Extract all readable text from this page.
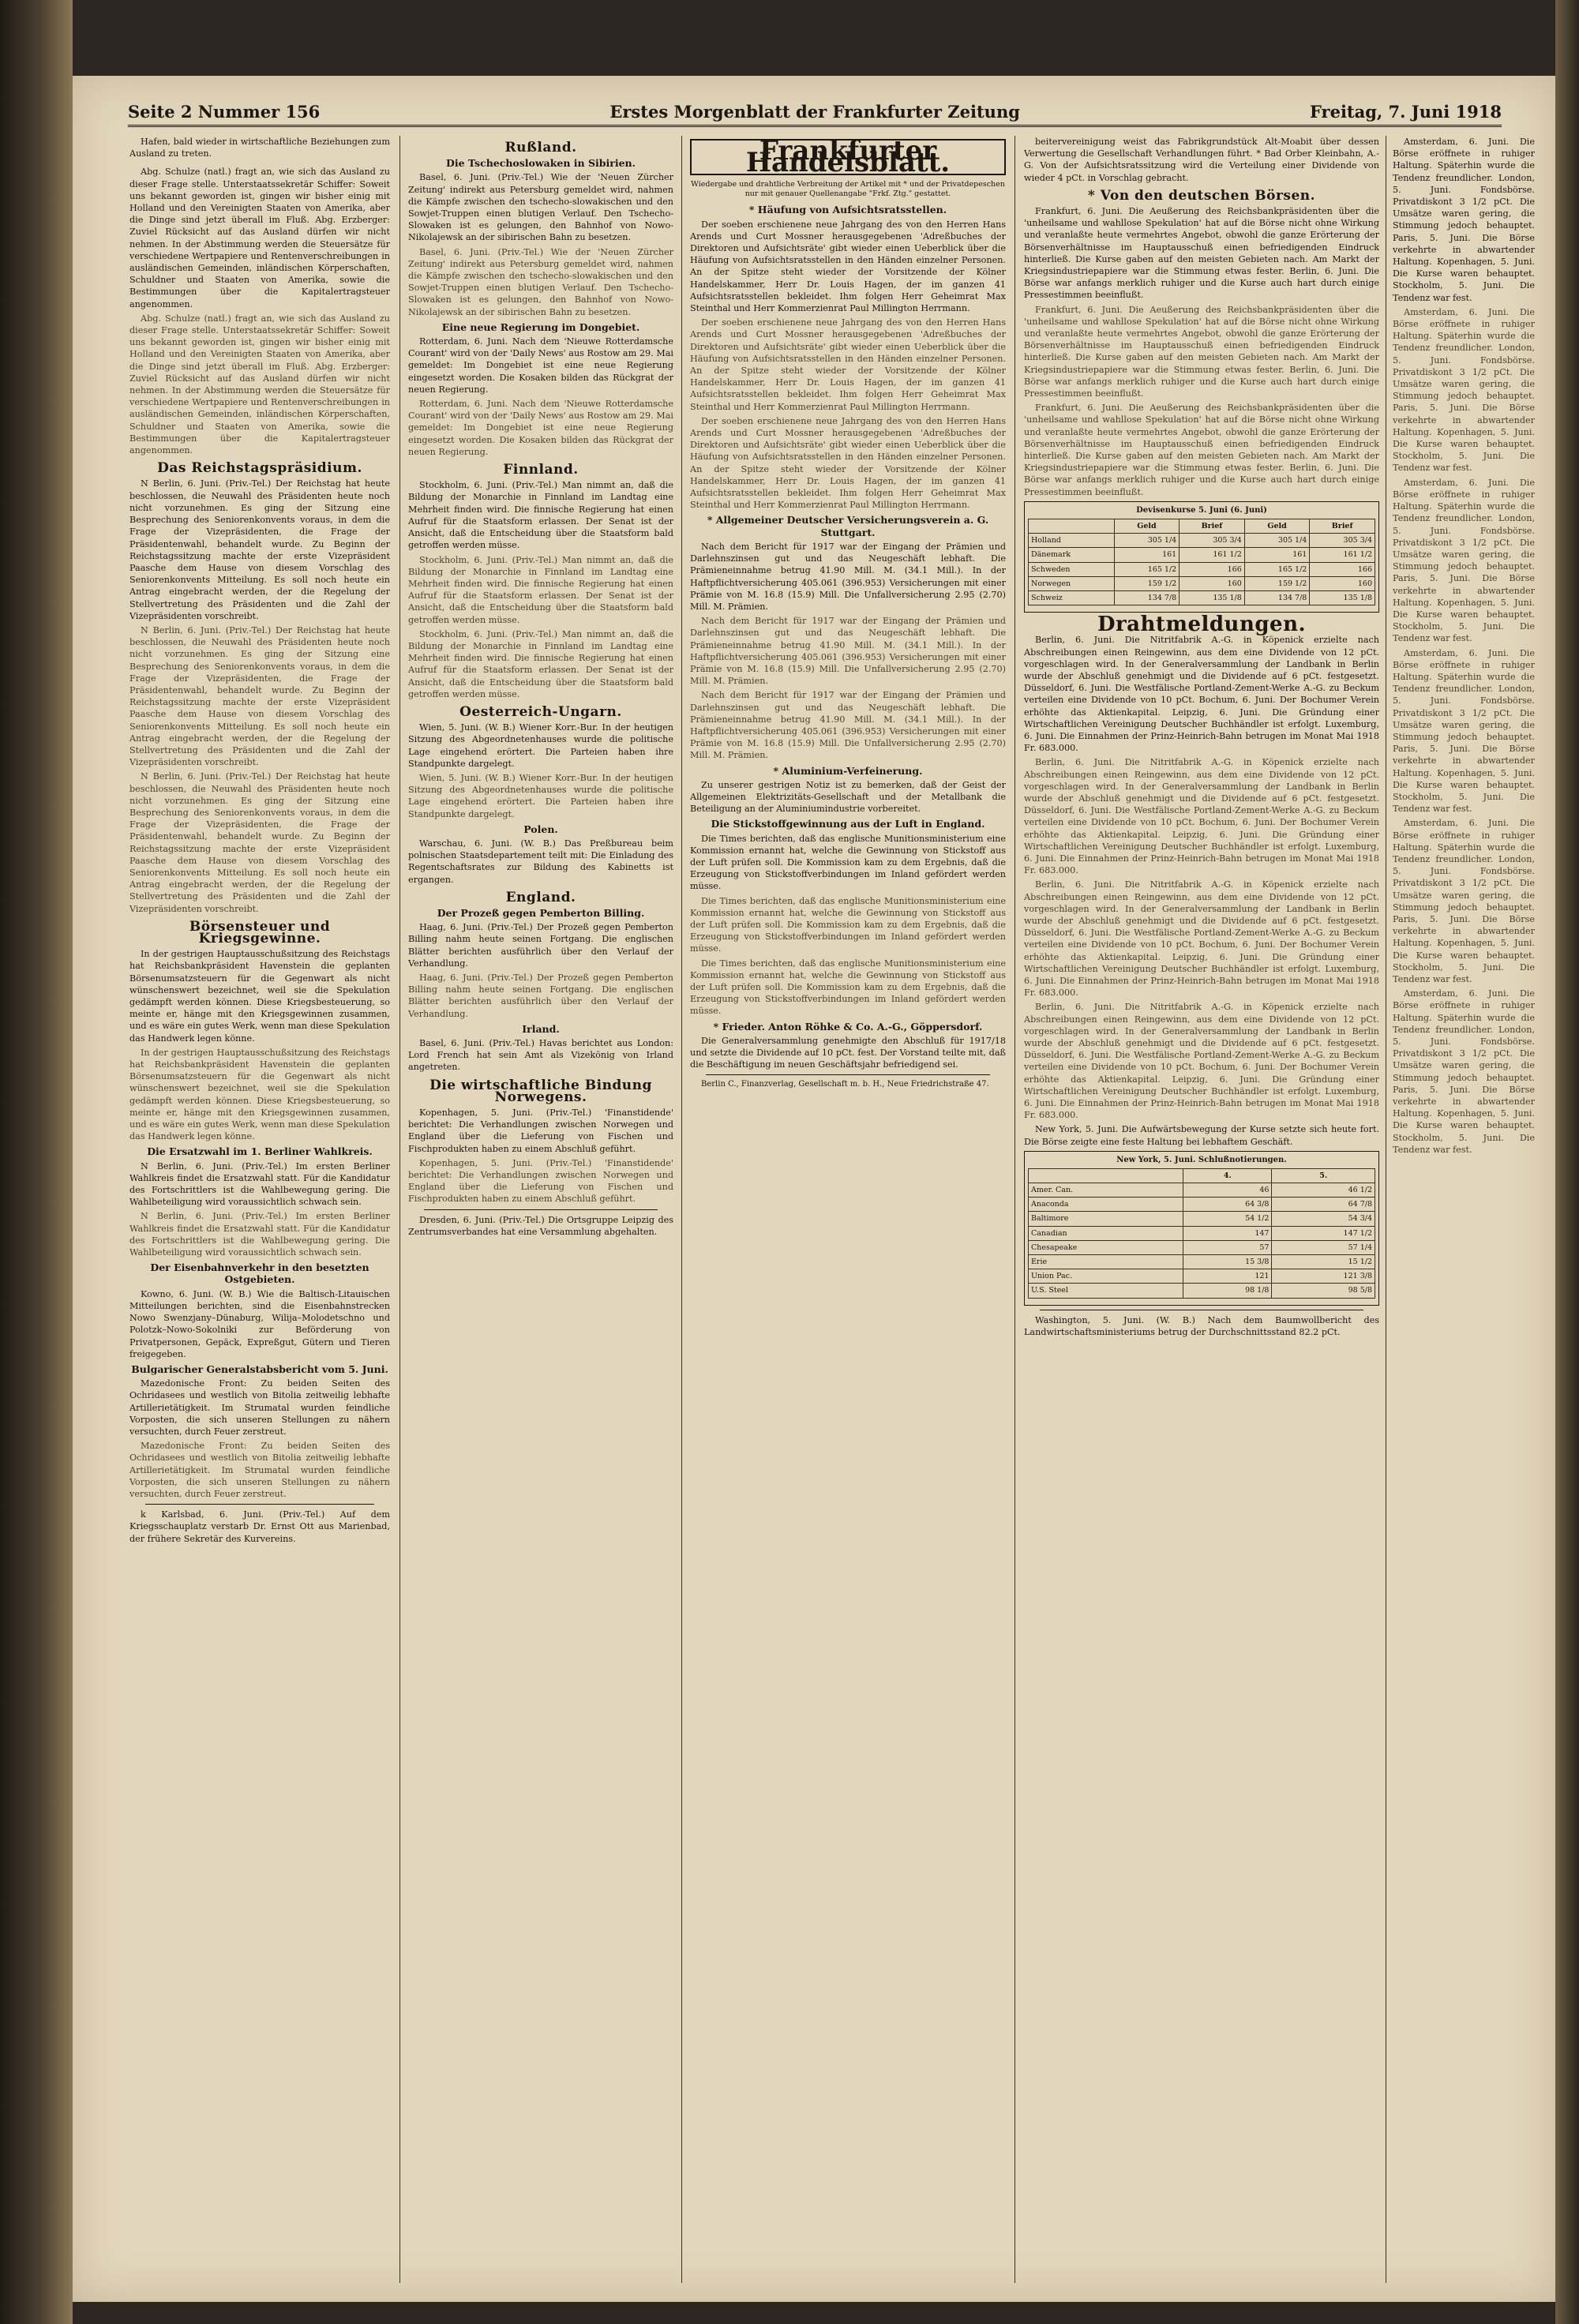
Seite 2 Nummer 156	Erstes Morgenblatt der Frankfurter Zeitung	Freitag, 7. Juni 1918

Hafen, bald wieder in wirtschaftliche Beziehungen zum Ausland zu treten.

Abg. Schulze (natl.) fragt an, wie sich das Ausland zu dieser Frage stelle. Unterstaatssekretär Schiffer: Soweit uns bekannt geworden ist, gingen wir bisher einig mit Holland und den Vereinigten Staaten von Amerika, aber die Dinge sind jetzt überall im Fluß. Abg. Erzberger: Zuviel Rücksicht auf das Ausland dürfen wir nicht nehmen. In der Abstimmung werden die Steuersätze für verschiedene Wertpapiere und Rentenverschreibungen in ausländischen Gemeinden, inländischen Körperschaften, Schuldner und Staaten von Amerika, sowie die Bestimmungen über die Kapitalertragsteuer angenommen.

Abg. Schulze (natl.) fragt an, wie sich das Ausland zu dieser Frage stelle. Unterstaatssekretär Schiffer: Soweit uns bekannt geworden ist, gingen wir bisher einig mit Holland und den Vereinigten Staaten von Amerika, aber die Dinge sind jetzt überall im Fluß. Abg. Erzberger: Zuviel Rücksicht auf das Ausland dürfen wir nicht nehmen. In der Abstimmung werden die Steuersätze für verschiedene Wertpapiere und Rentenverschreibungen in ausländischen Gemeinden, inländischen Körperschaften, Schuldner und Staaten von Amerika, sowie die Bestimmungen über die Kapitalertragsteuer angenommen.

Das Reichstagspräsidium.

N Berlin, 6. Juni. (Priv.-Tel.) Der Reichstag hat heute beschlossen, die Neuwahl des Präsidenten heute noch nicht vorzunehmen. Es ging der Sitzung eine Besprechung des Seniorenkonvents voraus, in dem die Frage der Vizepräsidenten, die Frage der Präsidentenwahl, behandelt wurde. Zu Beginn der Reichstagssitzung machte der erste Vizepräsident Paasche dem Hause von diesem Vorschlag des Seniorenkonvents Mitteilung. Es soll noch heute ein Antrag eingebracht werden, der die Regelung der Stellvertretung des Präsidenten und die Zahl der Vizepräsidenten vorschreibt.

N Berlin, 6. Juni. (Priv.-Tel.) Der Reichstag hat heute beschlossen, die Neuwahl des Präsidenten heute noch nicht vorzunehmen. Es ging der Sitzung eine Besprechung des Seniorenkonvents voraus, in dem die Frage der Vizepräsidenten, die Frage der Präsidentenwahl, behandelt wurde. Zu Beginn der Reichstagssitzung machte der erste Vizepräsident Paasche dem Hause von diesem Vorschlag des Seniorenkonvents Mitteilung. Es soll noch heute ein Antrag eingebracht werden, der die Regelung der Stellvertretung des Präsidenten und die Zahl der Vizepräsidenten vorschreibt.

N Berlin, 6. Juni. (Priv.-Tel.) Der Reichstag hat heute beschlossen, die Neuwahl des Präsidenten heute noch nicht vorzunehmen. Es ging der Sitzung eine Besprechung des Seniorenkonvents voraus, in dem die Frage der Vizepräsidenten, die Frage der Präsidentenwahl, behandelt wurde. Zu Beginn der Reichstagssitzung machte der erste Vizepräsident Paasche dem Hause von diesem Vorschlag des Seniorenkonvents Mitteilung. Es soll noch heute ein Antrag eingebracht werden, der die Regelung der Stellvertretung des Präsidenten und die Zahl der Vizepräsidenten vorschreibt.

Börsensteuer und Kriegsgewinne.

In der gestrigen Hauptausschußsitzung des Reichstags hat Reichsbankpräsident Havenstein die geplanten Börsenumsatzsteuern für die Gegenwart als nicht wünschenswert bezeichnet, weil sie die Spekulation gedämpft werden können. Diese Kriegsbesteuerung, so meinte er, hänge mit den Kriegsgewinnen zusammen, und es wäre ein gutes Werk, wenn man diese Spekulation das Handwerk legen könne.

In der gestrigen Hauptausschußsitzung des Reichstags hat Reichsbankpräsident Havenstein die geplanten Börsenumsatzsteuern für die Gegenwart als nicht wünschenswert bezeichnet, weil sie die Spekulation gedämpft werden können. Diese Kriegsbesteuerung, so meinte er, hänge mit den Kriegsgewinnen zusammen, und es wäre ein gutes Werk, wenn man diese Spekulation das Handwerk legen könne.

Die Ersatzwahl im 1. Berliner Wahlkreis.

N Berlin, 6. Juni. (Priv.-Tel.) Im ersten Berliner Wahlkreis findet die Ersatzwahl statt. Für die Kandidatur des Fortschrittlers ist die Wahlbewegung gering. Die Wahlbeteiligung wird voraussichtlich schwach sein.

N Berlin, 6. Juni. (Priv.-Tel.) Im ersten Berliner Wahlkreis findet die Ersatzwahl statt. Für die Kandidatur des Fortschrittlers ist die Wahlbewegung gering. Die Wahlbeteiligung wird voraussichtlich schwach sein.

Der Eisenbahnverkehr in den besetzten Ostgebieten.

Kowno, 6. Juni. (W. B.) Wie die Baltisch-Litauischen Mitteilungen berichten, sind die Eisenbahnstrecken Nowo Swenzjany–Dünaburg, Wilija–Molodetschno und Polotzk–Nowo-Sokolniki zur Beförderung von Privatpersonen, Gepäck, Expreßgut, Gütern und Tieren freigegeben.

Bulgarischer Generalstabsbericht vom 5. Juni.

Mazedonische Front: Zu beiden Seiten des Ochridasees und westlich von Bitolia zeitweilig lebhafte Artillerietätigkeit. Im Strumatal wurden feindliche Vorposten, die sich unseren Stellungen zu nähern versuchten, durch Feuer zerstreut.

Mazedonische Front: Zu beiden Seiten des Ochridasees und westlich von Bitolia zeitweilig lebhafte Artillerietätigkeit. Im Strumatal wurden feindliche Vorposten, die sich unseren Stellungen zu nähern versuchten, durch Feuer zerstreut.

k Karlsbad, 6. Juni. (Priv.-Tel.) Auf dem Kriegsschauplatz verstarb Dr. Ernst Ott aus Marienbad, der frühere Sekretär des Kurvereins.

Rußland.
Die Tschechoslowaken in Sibirien.

Basel, 6. Juni. (Priv.-Tel.) Wie der 'Neuen Zürcher Zeitung' indirekt aus Petersburg gemeldet wird, nahmen die Kämpfe zwischen den tschecho-slowakischen und den Sowjet-Truppen einen blutigen Verlauf. Den Tschecho-Slowaken ist es gelungen, den Bahnhof von Nowo-Nikolajewsk an der sibirischen Bahn zu besetzen.

Basel, 6. Juni. (Priv.-Tel.) Wie der 'Neuen Zürcher Zeitung' indirekt aus Petersburg gemeldet wird, nahmen die Kämpfe zwischen den tschecho-slowakischen und den Sowjet-Truppen einen blutigen Verlauf. Den Tschecho-Slowaken ist es gelungen, den Bahnhof von Nowo-Nikolajewsk an der sibirischen Bahn zu besetzen.

Eine neue Regierung im Dongebiet.

Rotterdam, 6. Juni. Nach dem 'Nieuwe Rotterdamsche Courant' wird von der 'Daily News' aus Rostow am 29. Mai gemeldet: Im Dongebiet ist eine neue Regierung eingesetzt worden. Die Kosaken bilden das Rückgrat der neuen Regierung.

Rotterdam, 6. Juni. Nach dem 'Nieuwe Rotterdamsche Courant' wird von der 'Daily News' aus Rostow am 29. Mai gemeldet: Im Dongebiet ist eine neue Regierung eingesetzt worden. Die Kosaken bilden das Rückgrat der neuen Regierung.

Finnland.

Stockholm, 6. Juni. (Priv.-Tel.) Man nimmt an, daß die Bildung der Monarchie in Finnland im Landtag eine Mehrheit finden wird. Die finnische Regierung hat einen Aufruf für die Staatsform erlassen. Der Senat ist der Ansicht, daß die Entscheidung über die Staatsform bald getroffen werden müsse.

Stockholm, 6. Juni. (Priv.-Tel.) Man nimmt an, daß die Bildung der Monarchie in Finnland im Landtag eine Mehrheit finden wird. Die finnische Regierung hat einen Aufruf für die Staatsform erlassen. Der Senat ist der Ansicht, daß die Entscheidung über die Staatsform bald getroffen werden müsse.

Stockholm, 6. Juni. (Priv.-Tel.) Man nimmt an, daß die Bildung der Monarchie in Finnland im Landtag eine Mehrheit finden wird. Die finnische Regierung hat einen Aufruf für die Staatsform erlassen. Der Senat ist der Ansicht, daß die Entscheidung über die Staatsform bald getroffen werden müsse.

Oesterreich-Ungarn.

Wien, 5. Juni. (W. B.) Wiener Korr.-Bur. In der heutigen Sitzung des Abgeordnetenhauses wurde die politische Lage eingehend erörtert. Die Parteien haben ihre Standpunkte dargelegt.

Wien, 5. Juni. (W. B.) Wiener Korr.-Bur. In der heutigen Sitzung des Abgeordnetenhauses wurde die politische Lage eingehend erörtert. Die Parteien haben ihre Standpunkte dargelegt.

Polen.

Warschau, 6. Juni. (W. B.) Das Preßbureau beim polnischen Staatsdepartement teilt mit: Die Einladung des Regentschaftsrates zur Bildung des Kabinetts ist ergangen.

England.
Der Prozeß gegen Pemberton Billing.

Haag, 6. Juni. (Priv.-Tel.) Der Prozeß gegen Pemberton Billing nahm heute seinen Fortgang. Die englischen Blätter berichten ausführlich über den Verlauf der Verhandlung.

Haag, 6. Juni. (Priv.-Tel.) Der Prozeß gegen Pemberton Billing nahm heute seinen Fortgang. Die englischen Blätter berichten ausführlich über den Verlauf der Verhandlung.

Irland.

Basel, 6. Juni. (Priv.-Tel.) Havas berichtet aus London: Lord French hat sein Amt als Vizekönig von Irland angetreten.

Die wirtschaftliche Bindung Norwegens.

Kopenhagen, 5. Juni. (Priv.-Tel.) 'Finanstidende' berichtet: Die Verhandlungen zwischen Norwegen und England über die Lieferung von Fischen und Fischprodukten haben zu einem Abschluß geführt.

Kopenhagen, 5. Juni. (Priv.-Tel.) 'Finanstidende' berichtet: Die Verhandlungen zwischen Norwegen und England über die Lieferung von Fischen und Fischprodukten haben zu einem Abschluß geführt.

Dresden, 6. Juni. (Priv.-Tel.) Die Ortsgruppe Leipzig des Zentrumsverbandes hat eine Versammlung abgehalten.

Frankfurter Handelsblatt.
Wiedergabe und drahtliche Verbreitung der Artikel mit * und der Privatdepeschen nur mit genauer Quellenangabe "Frkf. Ztg." gestattet.
* Häufung von Aufsichtsratsstellen.

Der soeben erschienene neue Jahrgang des von den Herren Hans Arends und Curt Mossner herausgegebenen 'Adreßbuches der Direktoren und Aufsichtsräte' gibt wieder einen Ueberblick über die Häufung von Aufsichtsratsstellen in den Händen einzelner Personen. An der Spitze steht wieder der Vorsitzende der Kölner Handelskammer, Herr Dr. Louis Hagen, der im ganzen 41 Aufsichtsratsstellen bekleidet. Ihm folgen Herr Geheimrat Max Steinthal und Herr Kommerzienrat Paul Millington Herrmann.

Der soeben erschienene neue Jahrgang des von den Herren Hans Arends und Curt Mossner herausgegebenen 'Adreßbuches der Direktoren und Aufsichtsräte' gibt wieder einen Ueberblick über die Häufung von Aufsichtsratsstellen in den Händen einzelner Personen. An der Spitze steht wieder der Vorsitzende der Kölner Handelskammer, Herr Dr. Louis Hagen, der im ganzen 41 Aufsichtsratsstellen bekleidet. Ihm folgen Herr Geheimrat Max Steinthal und Herr Kommerzienrat Paul Millington Herrmann.

Der soeben erschienene neue Jahrgang des von den Herren Hans Arends und Curt Mossner herausgegebenen 'Adreßbuches der Direktoren und Aufsichtsräte' gibt wieder einen Ueberblick über die Häufung von Aufsichtsratsstellen in den Händen einzelner Personen. An der Spitze steht wieder der Vorsitzende der Kölner Handelskammer, Herr Dr. Louis Hagen, der im ganzen 41 Aufsichtsratsstellen bekleidet. Ihm folgen Herr Geheimrat Max Steinthal und Herr Kommerzienrat Paul Millington Herrmann.

* Allgemeiner Deutscher Versicherungsverein a. G. Stuttgart.

Nach dem Bericht für 1917 war der Eingang der Prämien und Darlehnszinsen gut und das Neugeschäft lebhaft. Die Prämieneinnahme betrug 41.90 Mill. M. (34.1 Mill.). In der Haftpflichtversicherung 405.061 (396.953) Versicherungen mit einer Prämie von M. 16.8 (15.9) Mill. Die Unfallversicherung 2.95 (2.70) Mill. M. Prämien.

Nach dem Bericht für 1917 war der Eingang der Prämien und Darlehnszinsen gut und das Neugeschäft lebhaft. Die Prämieneinnahme betrug 41.90 Mill. M. (34.1 Mill.). In der Haftpflichtversicherung 405.061 (396.953) Versicherungen mit einer Prämie von M. 16.8 (15.9) Mill. Die Unfallversicherung 2.95 (2.70) Mill. M. Prämien.

Nach dem Bericht für 1917 war der Eingang der Prämien und Darlehnszinsen gut und das Neugeschäft lebhaft. Die Prämieneinnahme betrug 41.90 Mill. M. (34.1 Mill.). In der Haftpflichtversicherung 405.061 (396.953) Versicherungen mit einer Prämie von M. 16.8 (15.9) Mill. Die Unfallversicherung 2.95 (2.70) Mill. M. Prämien.

* Aluminium-Verfeinerung.

Zu unserer gestrigen Notiz ist zu bemerken, daß der Geist der Allgemeinen Elektrizitäts-Gesellschaft und der Metallbank die Beteiligung an der Aluminiumindustrie vorbereitet.

Die Stickstoffgewinnung aus der Luft in England.

Die Times berichten, daß das englische Munitionsministerium eine Kommission ernannt hat, welche die Gewinnung von Stickstoff aus der Luft prüfen soll. Die Kommission kam zu dem Ergebnis, daß die Erzeugung von Stickstoffverbindungen im Inland gefördert werden müsse.

Die Times berichten, daß das englische Munitionsministerium eine Kommission ernannt hat, welche die Gewinnung von Stickstoff aus der Luft prüfen soll. Die Kommission kam zu dem Ergebnis, daß die Erzeugung von Stickstoffverbindungen im Inland gefördert werden müsse.

Die Times berichten, daß das englische Munitionsministerium eine Kommission ernannt hat, welche die Gewinnung von Stickstoff aus der Luft prüfen soll. Die Kommission kam zu dem Ergebnis, daß die Erzeugung von Stickstoffverbindungen im Inland gefördert werden müsse.

* Frieder. Anton Röhke & Co. A.-G., Göppersdorf.

Die Generalversammlung genehmigte den Abschluß für 1917/18 und setzte die Dividende auf 10 pCt. fest. Der Vorstand teilte mit, daß die Beschäftigung im neuen Geschäftsjahr befriedigend sei.

Berlin C., Finanzverlag, Gesellschaft m. b. H., Neue Friedrichstraße 47.

beitervereinigung weist das Fabrikgrundstück Alt-Moabit über dessen Verwertung die Gesellschaft Verhandlungen führt. * Bad Orber Kleinbahn, A.-G. Von der Aufsichtsratssitzung wird die Verteilung einer Dividende von wieder 4 pCt. in Vorschlag gebracht.

* Von den deutschen Börsen.

Frankfurt, 6. Juni. Die Aeußerung des Reichsbankpräsidenten über die 'unheilsame und wahllose Spekulation' hat auf die Börse nicht ohne Wirkung und veranlaßte heute vermehrtes Angebot, obwohl die ganze Erörterung der Börsenverhältnisse im Hauptausschuß einen befriedigenden Eindruck hinterließ. Die Kurse gaben auf den meisten Gebieten nach. Am Markt der Kriegsindustriepapiere war die Stimmung etwas fester. Berlin, 6. Juni. Die Börse war anfangs merklich ruhiger und die Kurse auch hart durch einige Pressestimmen beeinflußt.

Frankfurt, 6. Juni. Die Aeußerung des Reichsbankpräsidenten über die 'unheilsame und wahllose Spekulation' hat auf die Börse nicht ohne Wirkung und veranlaßte heute vermehrtes Angebot, obwohl die ganze Erörterung der Börsenverhältnisse im Hauptausschuß einen befriedigenden Eindruck hinterließ. Die Kurse gaben auf den meisten Gebieten nach. Am Markt der Kriegsindustriepapiere war die Stimmung etwas fester. Berlin, 6. Juni. Die Börse war anfangs merklich ruhiger und die Kurse auch hart durch einige Pressestimmen beeinflußt.

Frankfurt, 6. Juni. Die Aeußerung des Reichsbankpräsidenten über die 'unheilsame und wahllose Spekulation' hat auf die Börse nicht ohne Wirkung und veranlaßte heute vermehrtes Angebot, obwohl die ganze Erörterung der Börsenverhältnisse im Hauptausschuß einen befriedigenden Eindruck hinterließ. Die Kurse gaben auf den meisten Gebieten nach. Am Markt der Kriegsindustriepapiere war die Stimmung etwas fester. Berlin, 6. Juni. Die Börse war anfangs merklich ruhiger und die Kurse auch hart durch einige Pressestimmen beeinflußt.

Devisenkurse 5. Juni (6. Juni)
	Geld	Brief	Geld	Brief
Holland	305 1/4	305 3/4	305 1/4	305 3/4
Dänemark	161	161 1/2	161	161 1/2
Schweden	165 1/2	166	165 1/2	166
Norwegen	159 1/2	160	159 1/2	160
Schweiz	134 7/8	135 1/8	134 7/8	135 1/8
Drahtmeldungen.

Berlin, 6. Juni. Die Nitritfabrik A.-G. in Köpenick erzielte nach Abschreibungen einen Reingewinn, aus dem eine Dividende von 12 pCt. vorgeschlagen wird. In der Generalversammlung der Landbank in Berlin wurde der Abschluß genehmigt und die Dividende auf 6 pCt. festgesetzt. Düsseldorf, 6. Juni. Die Westfälische Portland-Zement-Werke A.-G. zu Beckum verteilen eine Dividende von 10 pCt. Bochum, 6. Juni. Der Bochumer Verein erhöhte das Aktienkapital. Leipzig, 6. Juni. Die Gründung einer Wirtschaftlichen Vereinigung Deutscher Buchhändler ist erfolgt. Luxemburg, 6. Juni. Die Einnahmen der Prinz-Heinrich-Bahn betrugen im Monat Mai 1918 Fr. 683.000.

Berlin, 6. Juni. Die Nitritfabrik A.-G. in Köpenick erzielte nach Abschreibungen einen Reingewinn, aus dem eine Dividende von 12 pCt. vorgeschlagen wird. In der Generalversammlung der Landbank in Berlin wurde der Abschluß genehmigt und die Dividende auf 6 pCt. festgesetzt. Düsseldorf, 6. Juni. Die Westfälische Portland-Zement-Werke A.-G. zu Beckum verteilen eine Dividende von 10 pCt. Bochum, 6. Juni. Der Bochumer Verein erhöhte das Aktienkapital. Leipzig, 6. Juni. Die Gründung einer Wirtschaftlichen Vereinigung Deutscher Buchhändler ist erfolgt. Luxemburg, 6. Juni. Die Einnahmen der Prinz-Heinrich-Bahn betrugen im Monat Mai 1918 Fr. 683.000.

Berlin, 6. Juni. Die Nitritfabrik A.-G. in Köpenick erzielte nach Abschreibungen einen Reingewinn, aus dem eine Dividende von 12 pCt. vorgeschlagen wird. In der Generalversammlung der Landbank in Berlin wurde der Abschluß genehmigt und die Dividende auf 6 pCt. festgesetzt. Düsseldorf, 6. Juni. Die Westfälische Portland-Zement-Werke A.-G. zu Beckum verteilen eine Dividende von 10 pCt. Bochum, 6. Juni. Der Bochumer Verein erhöhte das Aktienkapital. Leipzig, 6. Juni. Die Gründung einer Wirtschaftlichen Vereinigung Deutscher Buchhändler ist erfolgt. Luxemburg, 6. Juni. Die Einnahmen der Prinz-Heinrich-Bahn betrugen im Monat Mai 1918 Fr. 683.000.

Berlin, 6. Juni. Die Nitritfabrik A.-G. in Köpenick erzielte nach Abschreibungen einen Reingewinn, aus dem eine Dividende von 12 pCt. vorgeschlagen wird. In der Generalversammlung der Landbank in Berlin wurde der Abschluß genehmigt und die Dividende auf 6 pCt. festgesetzt. Düsseldorf, 6. Juni. Die Westfälische Portland-Zement-Werke A.-G. zu Beckum verteilen eine Dividende von 10 pCt. Bochum, 6. Juni. Der Bochumer Verein erhöhte das Aktienkapital. Leipzig, 6. Juni. Die Gründung einer Wirtschaftlichen Vereinigung Deutscher Buchhändler ist erfolgt. Luxemburg, 6. Juni. Die Einnahmen der Prinz-Heinrich-Bahn betrugen im Monat Mai 1918 Fr. 683.000.

New York, 5. Juni. Die Aufwärtsbewegung der Kurse setzte sich heute fort. Die Börse zeigte eine feste Haltung bei lebhaftem Geschäft.

New York, 5. Juni. Schlußnotierungen.
	4.	5.
Amer. Can.	46	46 1/2
Anaconda	64 3/8	64 7/8
Baltimore	54 1/2	54 3/4
Canadian	147	147 1/2
Chesapeake	57	57 1/4
Erie	15 3/8	15 1/2
Union Pac.	121	121 3/8
U.S. Steel	98 1/8	98 5/8

Washington, 5. Juni. (W. B.) Nach dem Baumwollbericht des Landwirtschaftsministeriums betrug der Durchschnittsstand 82.2 pCt.

Amsterdam, 6. Juni. Die Börse eröffnete in ruhiger Haltung. Späterhin wurde die Tendenz freundlicher. London, 5. Juni. Fondsbörse. Privatdiskont 3 1/2 pCt. Die Umsätze waren gering, die Stimmung jedoch behauptet. Paris, 5. Juni. Die Börse verkehrte in abwartender Haltung. Kopenhagen, 5. Juni. Die Kurse waren behauptet. Stockholm, 5. Juni. Die Tendenz war fest.

Amsterdam, 6. Juni. Die Börse eröffnete in ruhiger Haltung. Späterhin wurde die Tendenz freundlicher. London, 5. Juni. Fondsbörse. Privatdiskont 3 1/2 pCt. Die Umsätze waren gering, die Stimmung jedoch behauptet. Paris, 5. Juni. Die Börse verkehrte in abwartender Haltung. Kopenhagen, 5. Juni. Die Kurse waren behauptet. Stockholm, 5. Juni. Die Tendenz war fest.

Amsterdam, 6. Juni. Die Börse eröffnete in ruhiger Haltung. Späterhin wurde die Tendenz freundlicher. London, 5. Juni. Fondsbörse. Privatdiskont 3 1/2 pCt. Die Umsätze waren gering, die Stimmung jedoch behauptet. Paris, 5. Juni. Die Börse verkehrte in abwartender Haltung. Kopenhagen, 5. Juni. Die Kurse waren behauptet. Stockholm, 5. Juni. Die Tendenz war fest.

Amsterdam, 6. Juni. Die Börse eröffnete in ruhiger Haltung. Späterhin wurde die Tendenz freundlicher. London, 5. Juni. Fondsbörse. Privatdiskont 3 1/2 pCt. Die Umsätze waren gering, die Stimmung jedoch behauptet. Paris, 5. Juni. Die Börse verkehrte in abwartender Haltung. Kopenhagen, 5. Juni. Die Kurse waren behauptet. Stockholm, 5. Juni. Die Tendenz war fest.

Amsterdam, 6. Juni. Die Börse eröffnete in ruhiger Haltung. Späterhin wurde die Tendenz freundlicher. London, 5. Juni. Fondsbörse. Privatdiskont 3 1/2 pCt. Die Umsätze waren gering, die Stimmung jedoch behauptet. Paris, 5. Juni. Die Börse verkehrte in abwartender Haltung. Kopenhagen, 5. Juni. Die Kurse waren behauptet. Stockholm, 5. Juni. Die Tendenz war fest.

Amsterdam, 6. Juni. Die Börse eröffnete in ruhiger Haltung. Späterhin wurde die Tendenz freundlicher. London, 5. Juni. Fondsbörse. Privatdiskont 3 1/2 pCt. Die Umsätze waren gering, die Stimmung jedoch behauptet. Paris, 5. Juni. Die Börse verkehrte in abwartender Haltung. Kopenhagen, 5. Juni. Die Kurse waren behauptet. Stockholm, 5. Juni. Die Tendenz war fest.
